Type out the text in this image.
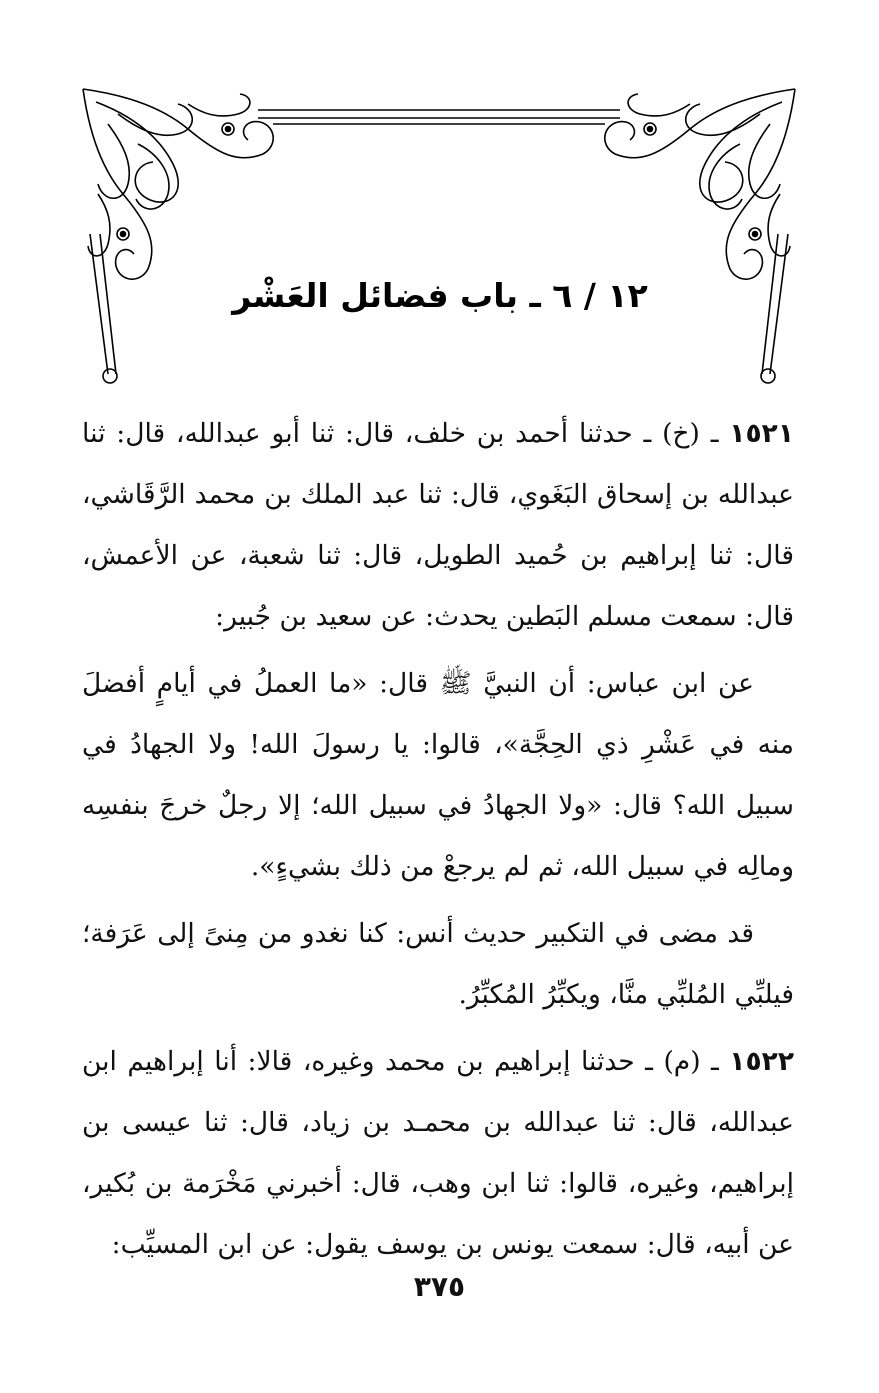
١٢ / ٦ ـ باب فضائل العَشْر

١٥٢١ ـ (خ) ـ حدثنا أحمد بن خلف، قال: ثنا أبو عبدالله، قال: ثنا عبدالله بن إسحاق البَغَوي، قال: ثنا عبد الملك بن محمد الرَّقَاشي، قال: ثنا إبراهيم بن حُميد الطويل، قال: ثنا شعبة، عن الأعمش، قال: سمعت مسلم البَطين يحدث: عن سعيد بن جُبير:

عن ابن عباس: أن النبيَّ ﷺ قال: «ما العملُ في أيامٍ أفضلَ منه في عَشْرِ ذي الحِجَّة»، قالوا: يا رسولَ الله! ولا الجهادُ في سبيل الله؟ قال: «ولا الجهادُ في سبيل الله؛ إلا رجلٌ خرجَ بنفسِه ومالِه في سبيل الله، ثم لم يرجعْ من ذلك بشيءٍ».

قد مضى في التكبير حديث أنس: كنا نغدو من مِنىً إلى عَرَفة؛ فيلبِّي المُلبِّي منَّا، ويكبِّرُ المُكبِّرُ.

١٥٢٢ ـ (م) ـ حدثنا إبراهيم بن محمد وغيره، قالا: أنا إبراهيم ابن عبدالله، قال: ثنا عبدالله بن محمـد بن زياد، قال: ثنا عيسى بن إبراهيم، وغيره، قالوا: ثنا ابن وهب، قال: أخبرني مَخْرَمة بن بُكير، عن أبيه، قال: سمعت يونس بن يوسف يقول: عن ابن المسيِّب:

٣٧٥
